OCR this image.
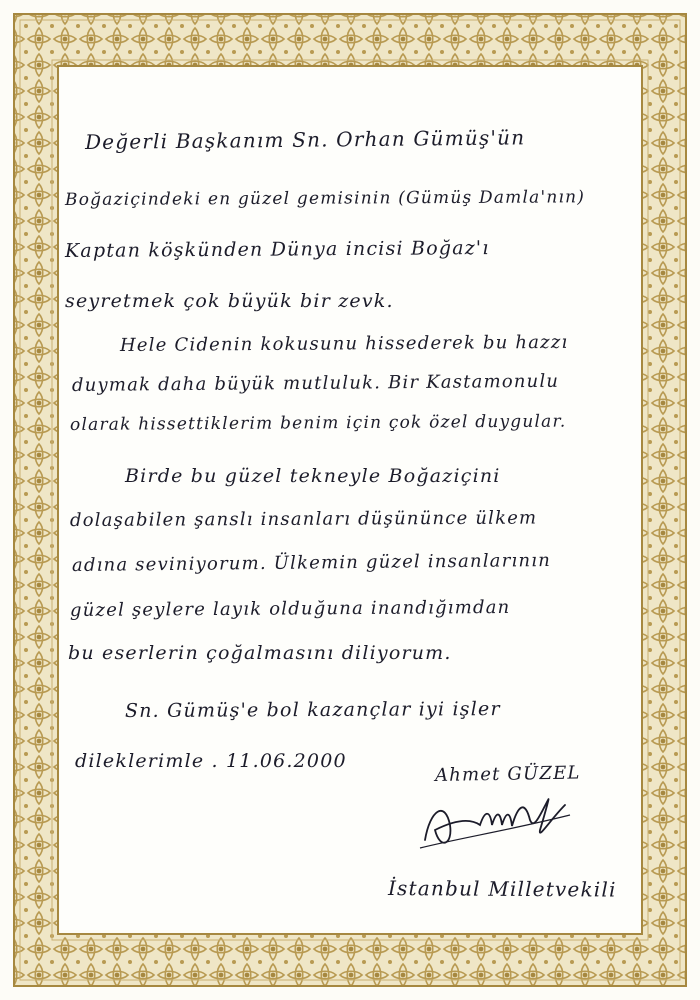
Değerli Başkanım Sn. Orhan Gümüş'ün
Boğaziçindeki en güzel gemisinin (Gümüş Damla'nın)
Kaptan köşkünden Dünya incisi Boğaz'ı
seyretmek çok büyük bir zevk.
Hele Cidenin kokusunu hissederek bu hazzı
duymak daha büyük mutluluk. Bir Kastamonulu
olarak hissettiklerim benim için çok özel duygular.
Birde bu güzel tekneyle Boğaziçini
dolaşabilen şanslı insanları düşününce ülkem
adına seviniyorum. Ülkemin güzel insanlarının
güzel şeylere layık olduğuna inandığımdan
bu eserlerin çoğalmasını diliyorum.
Sn. Gümüş'e bol kazançlar iyi işler
dileklerimle . 11.06.2000
Ahmet GÜZEL
İstanbul Milletvekili
